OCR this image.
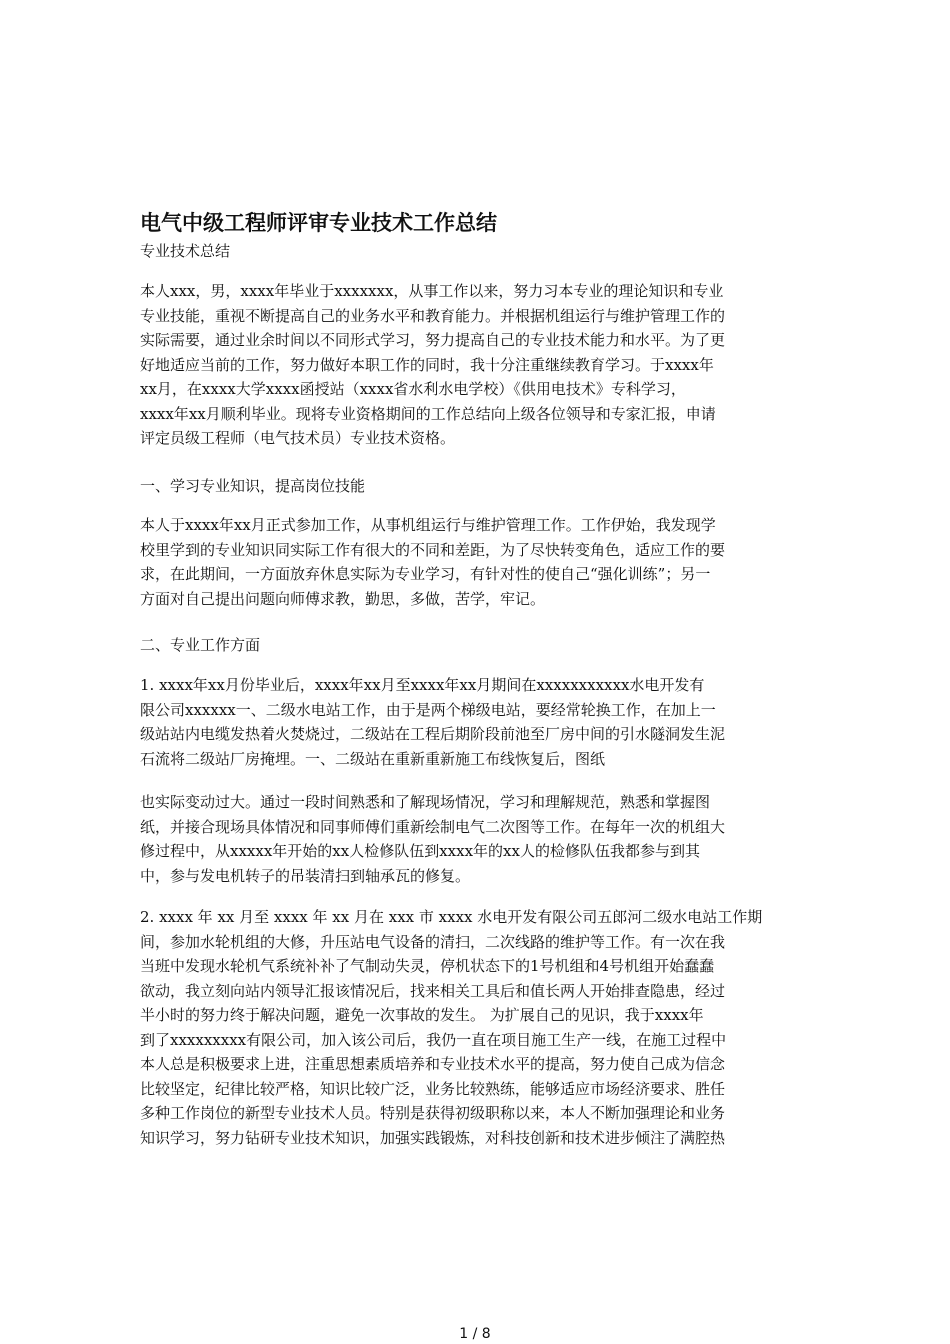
电气中级工程师评审专业技术工作总结
专业技术总结
本人xxx，男，xxxx年毕业于xxxxxxx，从事工作以来，努力习本专业的理论知识和专业
专业技能，重视不断提高自己的业务水平和教育能力。并根据机组运行与维护管理工作的
实际需要，通过业余时间以不同形式学习，努力提高自己的专业技术能力和水平。为了更
好地适应当前的工作，努力做好本职工作的同时，我十分注重继续教育学习。于xxxx年
xx月，在xxxx大学xxxx函授站（xxxx省水利水电学校）《供用电技术》专科学习，
xxxx年xx月顺利毕业。现将专业资格期间的工作总结向上级各位领导和专家汇报，申请
评定员级工程师（电气技术员）专业技术资格。
一、学习专业知识，提高岗位技能
本人于xxxx年xx月正式参加工作，从事机组运行与维护管理工作。工作伊始，我发现学
校里学到的专业知识同实际工作有很大的不同和差距，为了尽快转变角色，适应工作的要
求，在此期间，一方面放弃休息实际为专业学习，有针对性的使自己“强化训练”；另一
方面对自己提出问题向师傅求教，勤思，多做，苦学，牢记。
二、专业工作方面
1. xxxx年xx月份毕业后，xxxx年xx月至xxxx年xx月期间在xxxxxxxxxxx水电开发有
限公司xxxxxx一、二级水电站工作，由于是两个梯级电站，要经常轮换工作，在加上一
级站站内电缆发热着火焚烧过，二级站在工程后期阶段前池至厂房中间的引水隧洞发生泥
石流将二级站厂房掩埋。一、二级站在重新重新施工布线恢复后，图纸
也实际变动过大。通过一段时间熟悉和了解现场情况，学习和理解规范，熟悉和掌握图
纸，并接合现场具体情况和同事师傅们重新绘制电气二次图等工作。在每年一次的机组大
修过程中，从xxxxx年开始的xx人检修队伍到xxxx年的xx人的检修队伍我都参与到其
中，参与发电机转子的吊装清扫到轴承瓦的修复。
2. xxxx 年 xx 月至 xxxx 年 xx 月在 xxx 市 xxxx 水电开发有限公司五郎河二级水电站工作期
间，参加水轮机组的大修，升压站电气设备的清扫，二次线路的维护等工作。有一次在我
当班中发现水轮机气系统补补了气制动失灵，停机状态下的1号机组和4号机组开始蠢蠢
欲动，我立刻向站内领导汇报该情况后，找来相关工具后和值长两人开始排查隐患，经过
半小时的努力终于解决问题，避免一次事故的发生。 为扩展自己的见识，我于xxxx年
到了xxxxxxxxx有限公司，加入该公司后，我仍一直在项目施工生产一线，在施工过程中
本人总是积极要求上进，注重思想素质培养和专业技术水平的提高，努力使自己成为信念
比较坚定，纪律比较严格，知识比较广泛，业务比较熟练，能够适应市场经济要求、胜任
多种工作岗位的新型专业技术人员。特别是获得初级职称以来，本人不断加强理论和业务
知识学习，努力钻研专业技术知识，加强实践锻炼，对科技创新和技术进步倾注了满腔热
1 / 8
